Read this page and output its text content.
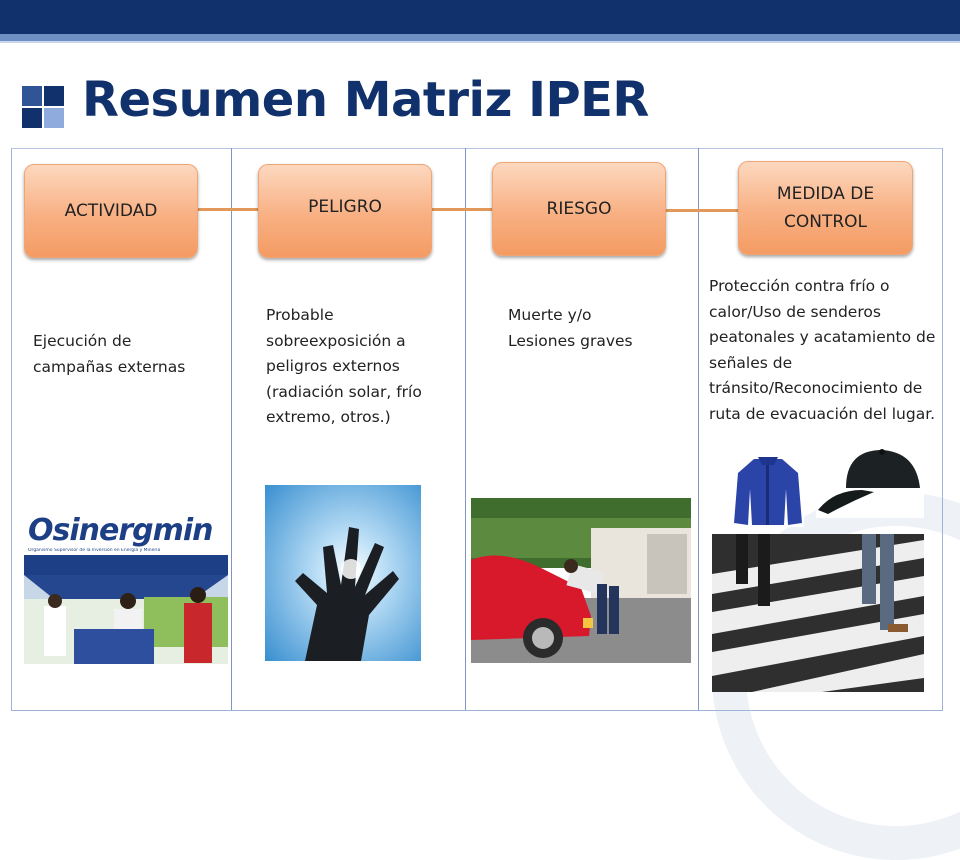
Resumen Matriz IPER
ACTIVIDAD	PELIGRO	RIESGO
MEDIDA DE
CONTROL
Ejecución de campañas externas
Probable sobreexposición a peligros externos (radiación solar, frío extremo, otros.)
Muerte y/o Lesiones graves
Protección contra frío o calor/Uso de senderos peatonales y acatamiento de señales de tránsito/Reconocimiento de ruta de evacuación del lugar.
Osinergmin
Organismo Supervisor de la Inversión en Energía y Minería
